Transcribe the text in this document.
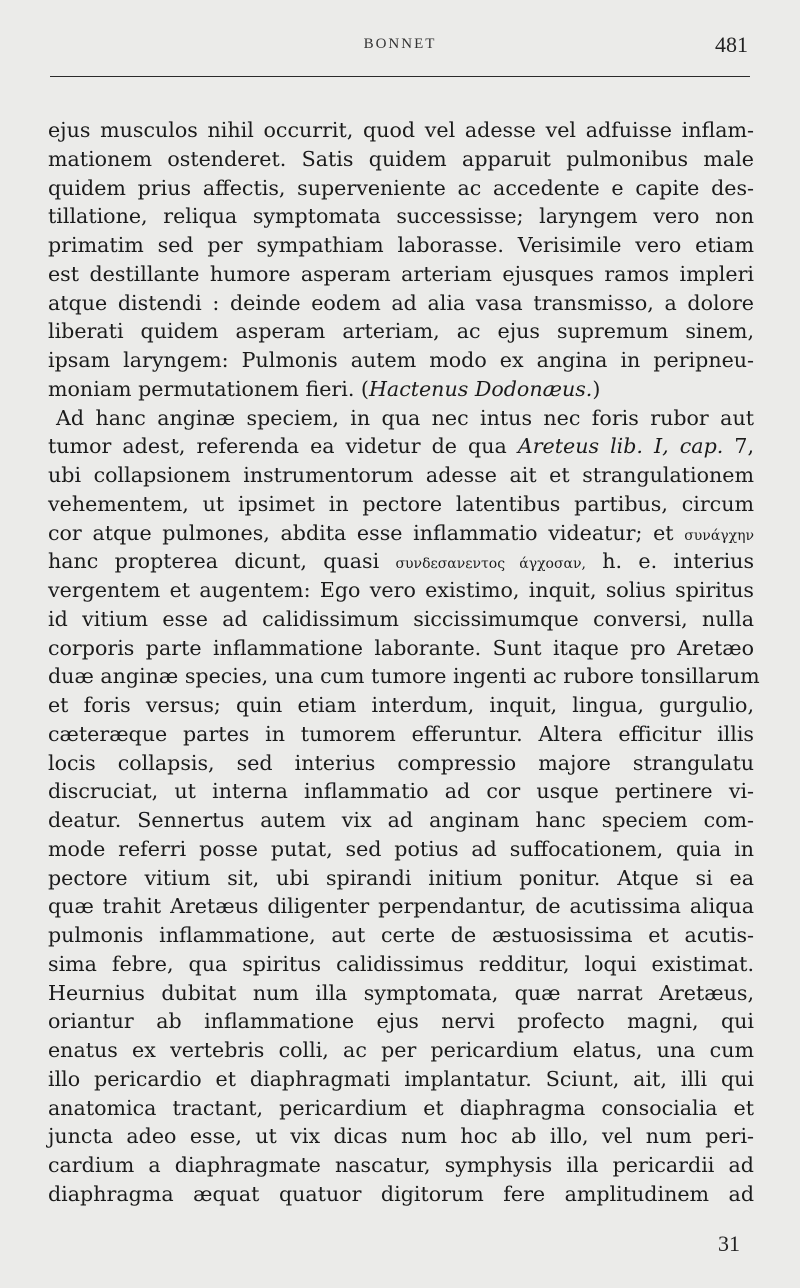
BONNET	481
ejus musculos nihil occurrit, quod vel adesse vel adfuisse inflam-
mationem ostenderet. Satis quidem apparuit pulmonibus male
quidem prius affectis, superveniente ac accedente e capite des-
tillatione, reliqua symptomata successisse; laryngem vero non
primatim sed per sympathiam laborasse. Verisimile vero etiam
est destillante humore asperam arteriam ejusques ramos impleri
atque distendi : deinde eodem ad alia vasa transmisso, a dolore
liberati quidem asperam arteriam, ac ejus supremum sinem,
ipsam laryngem: Pulmonis autem modo ex angina in peripneu-
moniam permutationem fieri. (Hactenus Dodonæus.)
Ad hanc anginæ speciem, in qua nec intus nec foris rubor aut
tumor adest, referenda ea videtur de qua Areteus lib. I, cap. 7,
ubi collapsionem instrumentorum adesse ait et strangulationem
vehementem, ut ipsimet in pectore latentibus partibus, circum
cor atque pulmones, abdita esse inflammatio videatur; et συνάγχην
hanc propterea dicunt, quasi συνδεσανεντος άγχοσαν, h. e. interius
vergentem et augentem: Ego vero existimo, inquit, solius spiritus
id vitium esse ad calidissimum siccissimumque conversi, nulla
corporis parte inflammatione laborante. Sunt itaque pro Aretæo
duæ anginæ species, una cum tumore ingenti ac rubore tonsillarum
et foris versus; quin etiam interdum, inquit, lingua, gurgulio,
cæteræque partes in tumorem efferuntur. Altera efficitur illis
locis collapsis, sed interius compressio majore strangulatu
discruciat, ut interna inflammatio ad cor usque pertinere vi-
deatur. Sennertus autem vix ad anginam hanc speciem com-
mode referri posse putat, sed potius ad suffocationem, quia in
pectore vitium sit, ubi spirandi initium ponitur. Atque si ea
quæ trahit Aretæus diligenter perpendantur, de acutissima aliqua
pulmonis inflammatione, aut certe de æstuosissima et acutis-
sima febre, qua spiritus calidissimus redditur, loqui existimat.
Heurnius dubitat num illa symptomata, quæ narrat Aretæus,
oriantur ab inflammatione ejus nervi profecto magni, qui
enatus ex vertebris colli, ac per pericardium elatus, una cum
illo pericardio et diaphragmati implantatur. Sciunt, ait, illi qui
anatomica tractant, pericardium et diaphragma consocialia et
juncta adeo esse, ut vix dicas num hoc ab illo, vel num peri-
cardium a diaphragmate nascatur, symphysis illa pericardii ad
diaphragma æquat quatuor digitorum fere amplitudinem ad
31
